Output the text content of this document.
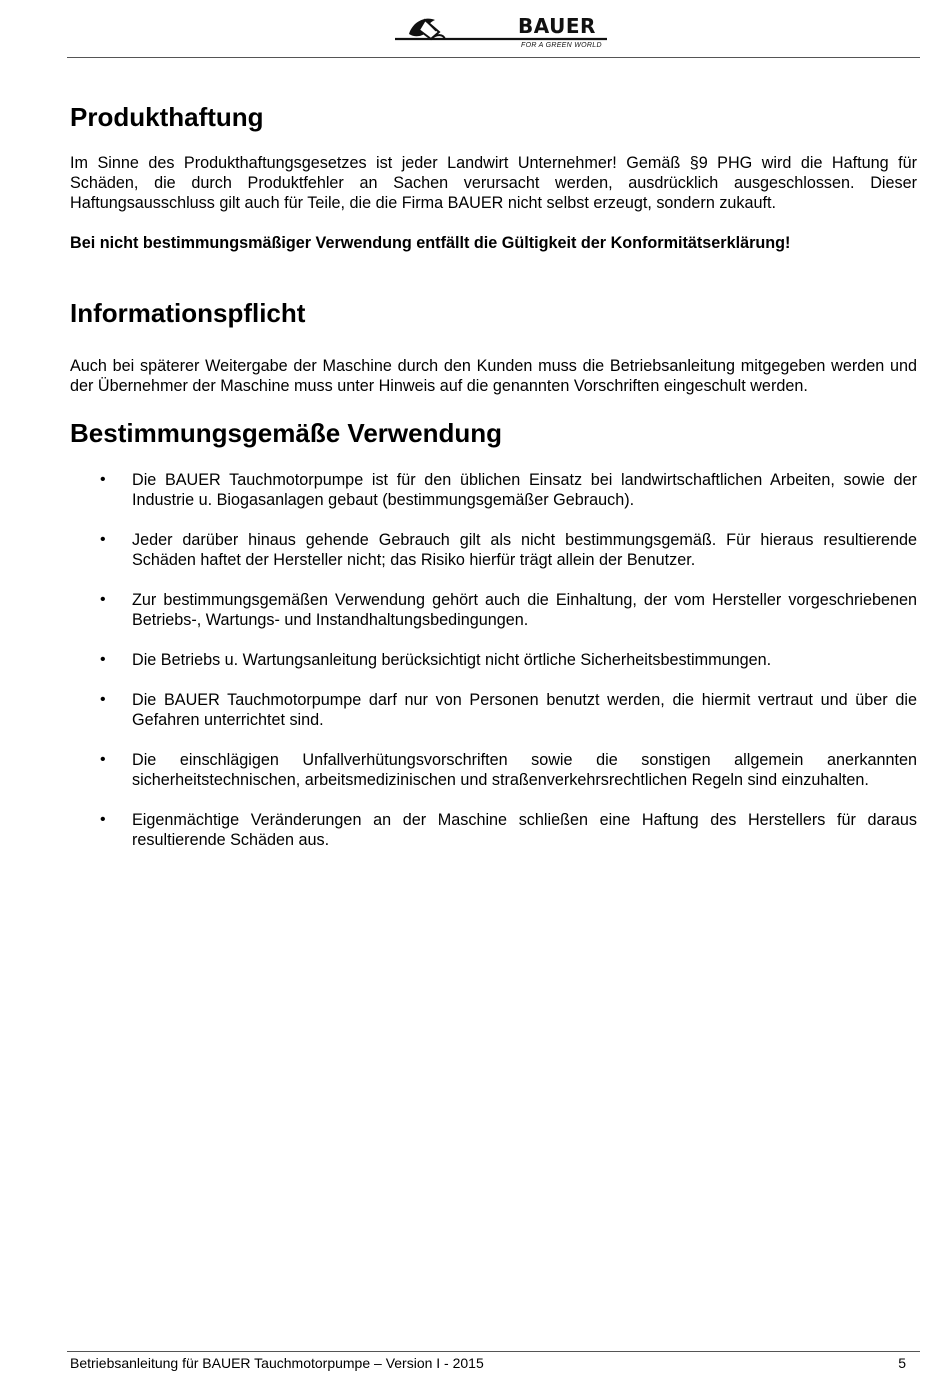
BAUER
FOR A GREEN WORLD
Produkthaftung

Im Sinne des Produkthaftungsgesetzes ist jeder Landwirt Unternehmer! Gemäß §9 PHG wird die Haftung für Schäden, die durch Produktfehler an Sachen verursacht werden, ausdrücklich ausgeschlossen. Dieser Haftungsausschluss gilt auch für Teile, die die Firma BAUER nicht selbst erzeugt, sondern zukauft.

Bei nicht bestimmungsmäßiger Verwendung entfällt die Gültigkeit der Konformitätserklärung!

Informationspflicht

Auch bei späterer Weitergabe der Maschine durch den Kunden muss die Betriebsanleitung mitgegeben werden und der Übernehmer der Maschine muss unter Hinweis auf die genannten Vorschriften eingeschult werden.

Bestimmungsgemäße Verwendung
• Die BAUER Tauchmotorpumpe ist für den üblichen Einsatz bei landwirtschaftlichen Arbeiten, sowie der Industrie u. Biogasanlagen gebaut (bestimmungsgemäßer Gebrauch).

• Jeder darüber hinaus gehende Gebrauch gilt als nicht bestimmungsgemäß. Für hieraus resultierende Schäden haftet der Hersteller nicht; das Risiko hierfür trägt allein der Benutzer.

• Zur bestimmungsgemäßen Verwendung gehört auch die Einhaltung, der vom Hersteller vorgeschriebenen Betriebs-, Wartungs- und Instandhaltungsbedingungen.

• Die Betriebs u. Wartungsanleitung berücksichtigt nicht örtliche Sicherheitsbestimmungen.

• Die BAUER Tauchmotorpumpe darf nur von Personen benutzt werden, die hiermit vertraut und über die Gefahren unterrichtet sind.

• Die einschlägigen Unfallverhütungsvorschriften sowie die sonstigen allgemein anerkannten sicherheitstechnischen, arbeitsmedizinischen und straßenverkehrsrechtlichen Regeln sind einzuhalten.

• Eigenmächtige Veränderungen an der Maschine schließen eine Haftung des Herstellers für daraus resultierende Schäden aus.

Betriebsanleitung für BAUER Tauchmotorpumpe – Version I - 2015	5
